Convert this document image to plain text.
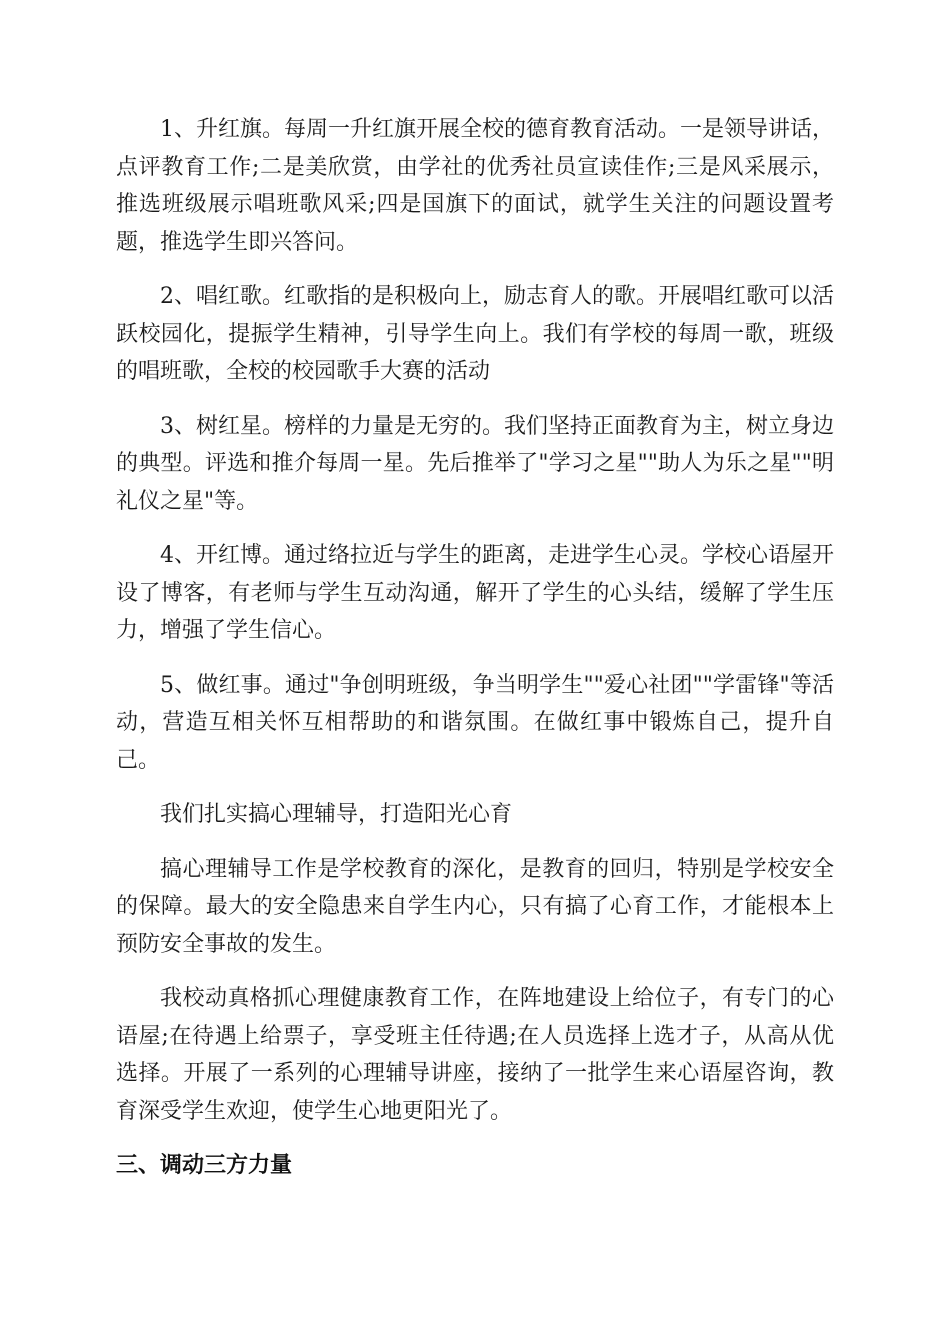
1、升红旗。每周一升红旗开展全校的德育教育活动。一是领导讲话，点评教育工作;二是美欣赏，由学社的优秀社员宣读佳作;三是风采展示，推选班级展示唱班歌风采;四是国旗下的面试，就学生关注的问题设置考题，推选学生即兴答问。

2、唱红歌。红歌指的是积极向上，励志育人的歌。开展唱红歌可以活跃校园化，提振学生精神，引导学生向上。我们有学校的每周一歌，班级的唱班歌，全校的校园歌手大赛的活动

3、树红星。榜样的力量是无穷的。我们坚持正面教育为主，树立身边的典型。评选和推介每周一星。先后推举了"学习之星""助人为乐之星""明礼仪之星"等。

4、开红博。通过络拉近与学生的距离，走进学生心灵。学校心语屋开设了博客，有老师与学生互动沟通，解开了学生的心头结，缓解了学生压力，增强了学生信心。

5、做红事。通过"争创明班级，争当明学生""爱心社团""学雷锋"等活动，营造互相关怀互相帮助的和谐氛围。在做红事中锻炼自己，提升自己。

我们扎实搞心理辅导，打造阳光心育

搞心理辅导工作是学校教育的深化，是教育的回归，特别是学校安全的保障。最大的安全隐患来自学生内心，只有搞了心育工作，才能根本上预防安全事故的发生。

我校动真格抓心理健康教育工作，在阵地建设上给位子，有专门的心语屋;在待遇上给票子，享受班主任待遇;在人员选择上选才子，从高从优选择。开展了一系列的心理辅导讲座，接纳了一批学生来心语屋咨询，教育深受学生欢迎，使学生心地更阳光了。

三、调动三方力量
